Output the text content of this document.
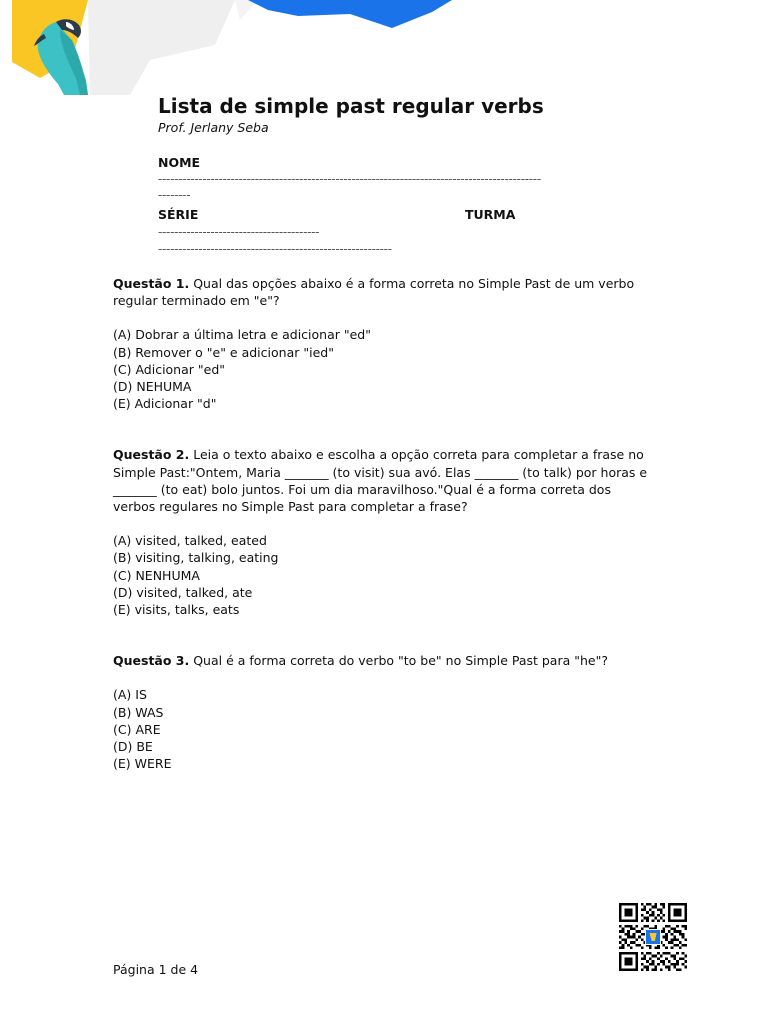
Lista de simple past regular verbs
Prof. Jerlany Seba
NOME
-----------------------------------------------------------------------------------------------
--------
SÉRIE	TURMA
----------------------------------------
----------------------------------------------------------

Questão 1. Qual das opções abaixo é a forma correta no Simple Past de um verbo regular terminado em "e"?

(A) Dobrar a última letra e adicionar "ed"
(B) Remover o "e" e adicionar "ied"
(C) Adicionar "ed"
(D) NEHUMA
(E) Adicionar "d"

Questão 2. Leia o texto abaixo e escolha a opção correta para completar a frase no Simple Past:"Ontem, Maria _______ (to visit) sua avó. Elas _______ (to talk) por horas e _______ (to eat) bolo juntos. Foi um dia maravilhoso."Qual é a forma correta dos verbos regulares no Simple Past para completar a frase?

(A) visited, talked, eated
(B) visiting, talking, eating
(C) NENHUMA
(D) visited, talked, ate
(E) visits, talks, eats

Questão 3. Qual é a forma correta do verbo "to be" no Simple Past para "he"?

(A) IS
(B) WAS
(C) ARE
(D) BE
(E) WERE
Página 1 de 4
